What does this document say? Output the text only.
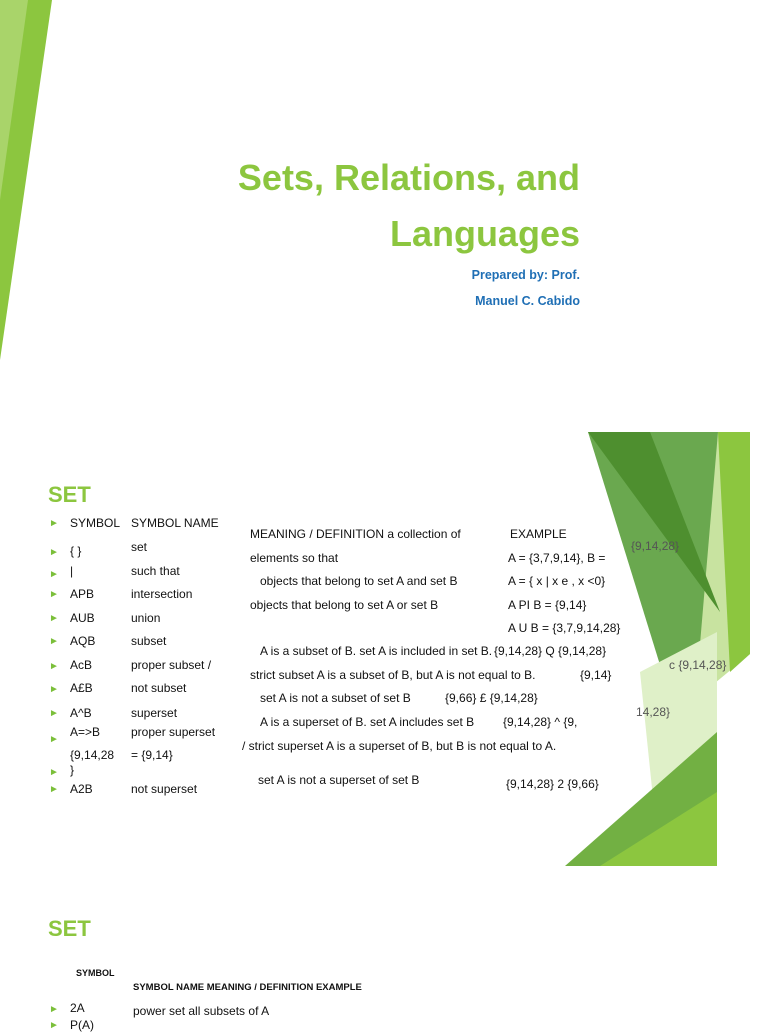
Sets, Relations, and
Languages
Prepared by: Prof.
Manuel C. Cabido
SET
►
►
►
►
►
►
►
►
►
►
►
►
SYMBOL
{ }
|
APB
AUB
AQB
AcB
A£B
A^B
A=>B
{9,14,28
}
A2B
SYMBOL NAME
set
such that
intersection
union
subset
proper subset /
not subset
superset
proper superset
= {9,14}
not superset
MEANING / DEFINITION a collection of
elements so that
objects that belong to set A and set B
objects that belong to set A or set B
A is a subset of B. set A is included in set B.
strict subset A is a subset of B, but A is not equal to B.
set A is not a subset of set B
A is a superset of B. set A includes set B
/ strict superset A is a superset of B, but B is not equal to A.
set A is not a superset of set B
EXAMPLE
A = {3,7,9,14}, B =
A = { x | x e , x <0}
A PI B = {9,14}
A U B = {3,7,9,14,28}
{9,14,28} Q {9,14,28}
{9,14}
{9,66} £ {9,14,28}
{9,14,28} ^ {9,
{9,14,28} 2 {9,66}
{9,14,28}
c {9,14,28}
14,28}
SET
SYMBOL
SYMBOL NAME MEANING / DEFINITION EXAMPLE
► 2A	power set all subsets of A
► P(A)
